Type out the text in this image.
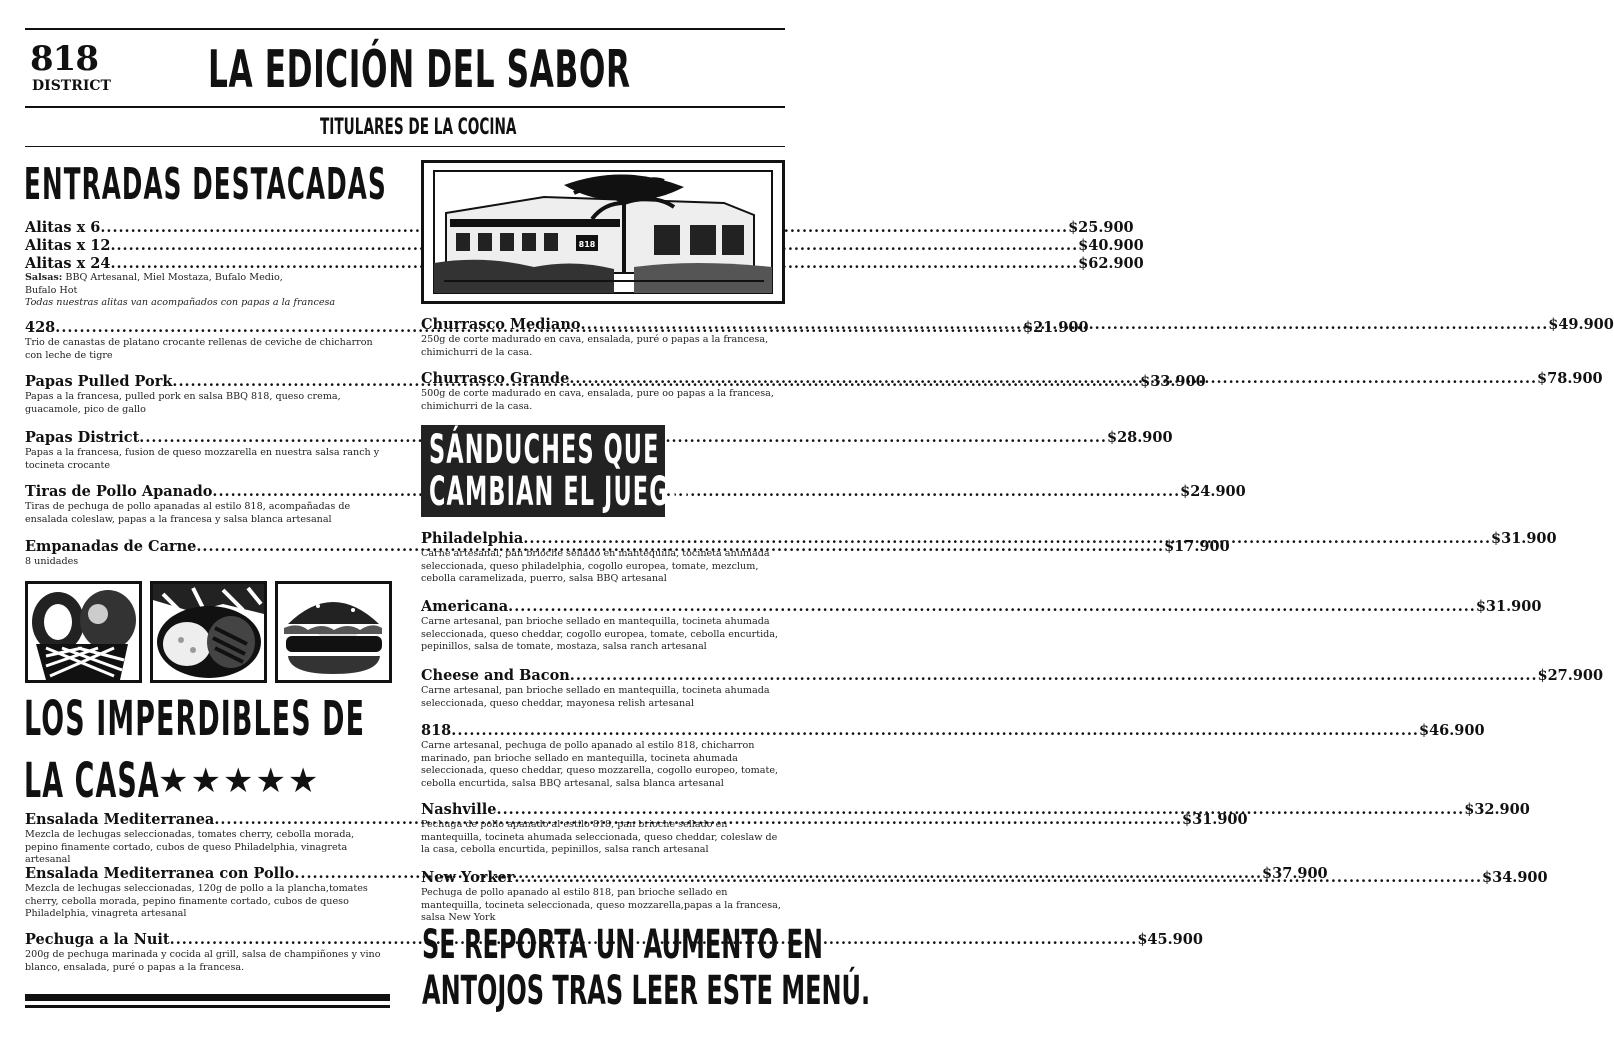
818
DISTRICT LA EDICIÓN DEL SABOR
TITULARES DE LA COCINA
ENTRADAS DESTACADAS
Alitas x 6 .....	$25.900
Alitas x 12 .....	$40.900
Alitas x 24 .....	$62.900
Salsas: BBQ Artesanal, Miel Mostaza, Bufalo Medio, Bufalo Hot
Todas nuestras alitas van acompañados con papas a la francesa
428 .....	$21.900
Trio de canastas de platano crocante rellenas de ceviche de chicharron con leche de tigre
Papas Pulled Pork .....	$33.900
Papas a la francesa, pulled pork en salsa BBQ 818, queso crema, guacamole, pico de gallo
Papas District .....	$28.900
Papas a la francesa, fusion de queso mozzarella en nuestra salsa ranch y tocineta crocante
Tiras de Pollo Apanado .....	$24.900
Tiras de pechuga de pollo apanadas al estilo 818, acompañadas de ensalada coleslaw, papas a la francesa y salsa blanca artesanal
Empanadas de Carne .....	$17.900
8 unidades
LOS IMPERDIBLES DE
LA CASA
★★★★★
Ensalada Mediterranea .....	$31.900
Mezcla de lechugas seleccionadas, tomates cherry, cebolla morada, pepino finamente cortado, cubos de queso Philadelphia, vinagreta artesanal
Ensalada Mediterranea con Pollo .....	$37.900
Mezcla de lechugas seleccionadas, 120g de pollo a la plancha,tomates cherry, cebolla morada, pepino finamente cortado, cubos de queso Philadelphia, vinagreta artesanal
Pechuga a la Nuit .....	$45.900
200g de pechuga marinada y cocida al grill, salsa de champiñones y vino blanco, ensalada, puré o papas a la francesa.
818
Churrasco Mediano .....	$49.900
250g de corte madurado en cava, ensalada, puré o papas a la francesa, chimichurri de la casa.
Churrasco Grande .....	$78.900
500g de corte madurado en cava, ensalada, pure oo papas a la francesa, chimichurri de la casa.
SÁNDUCHES QUE
CAMBIAN EL JUEGO
Philadelphia .....	$31.900
Carne artesanal, pan brioche sellado en mantequilla, tocineta ahumada seleccionada, queso philadelphia, cogollo europea, tomate, mezclum, cebolla caramelizada, puerro, salsa BBQ artesanal
Americana .....	$31.900
Carne artesanal, pan brioche sellado en mantequilla, tocineta ahumada seleccionada, queso cheddar, cogollo europea, tomate, cebolla encurtida, pepinillos, salsa de tomate, mostaza, salsa ranch artesanal
Cheese and Bacon .....	$27.900
Carne artesanal, pan brioche sellado en mantequilla, tocineta ahumada seleccionada, queso cheddar, mayonesa relish artesanal
818 .....	$46.900
Carne artesanal, pechuga de pollo apanado al estilo 818, chicharron marinado, pan brioche sellado en mantequilla, tocineta ahumada seleccionada, queso cheddar, queso mozzarella, cogollo europeo, tomate, cebolla encurtida, salsa BBQ artesanal, salsa blanca artesanal
Nashville .....	$32.900
Pechuga de pollo apanado al estilo 818, pan brioche sellado en mantequilla, tocineta ahumada seleccionada, queso cheddar, coleslaw de la casa, cebolla encurtida, pepinillos, salsa ranch artesanal
New Yorker .....	$34.900
Pechuga de pollo apanado al estilo 818, pan brioche sellado en mantequilla, tocineta seleccionada, queso mozzarella,papas a la francesa, salsa New York
SE REPORTA UN AUMENTO EN
ANTOJOS TRAS LEER ESTE MENÚ.
